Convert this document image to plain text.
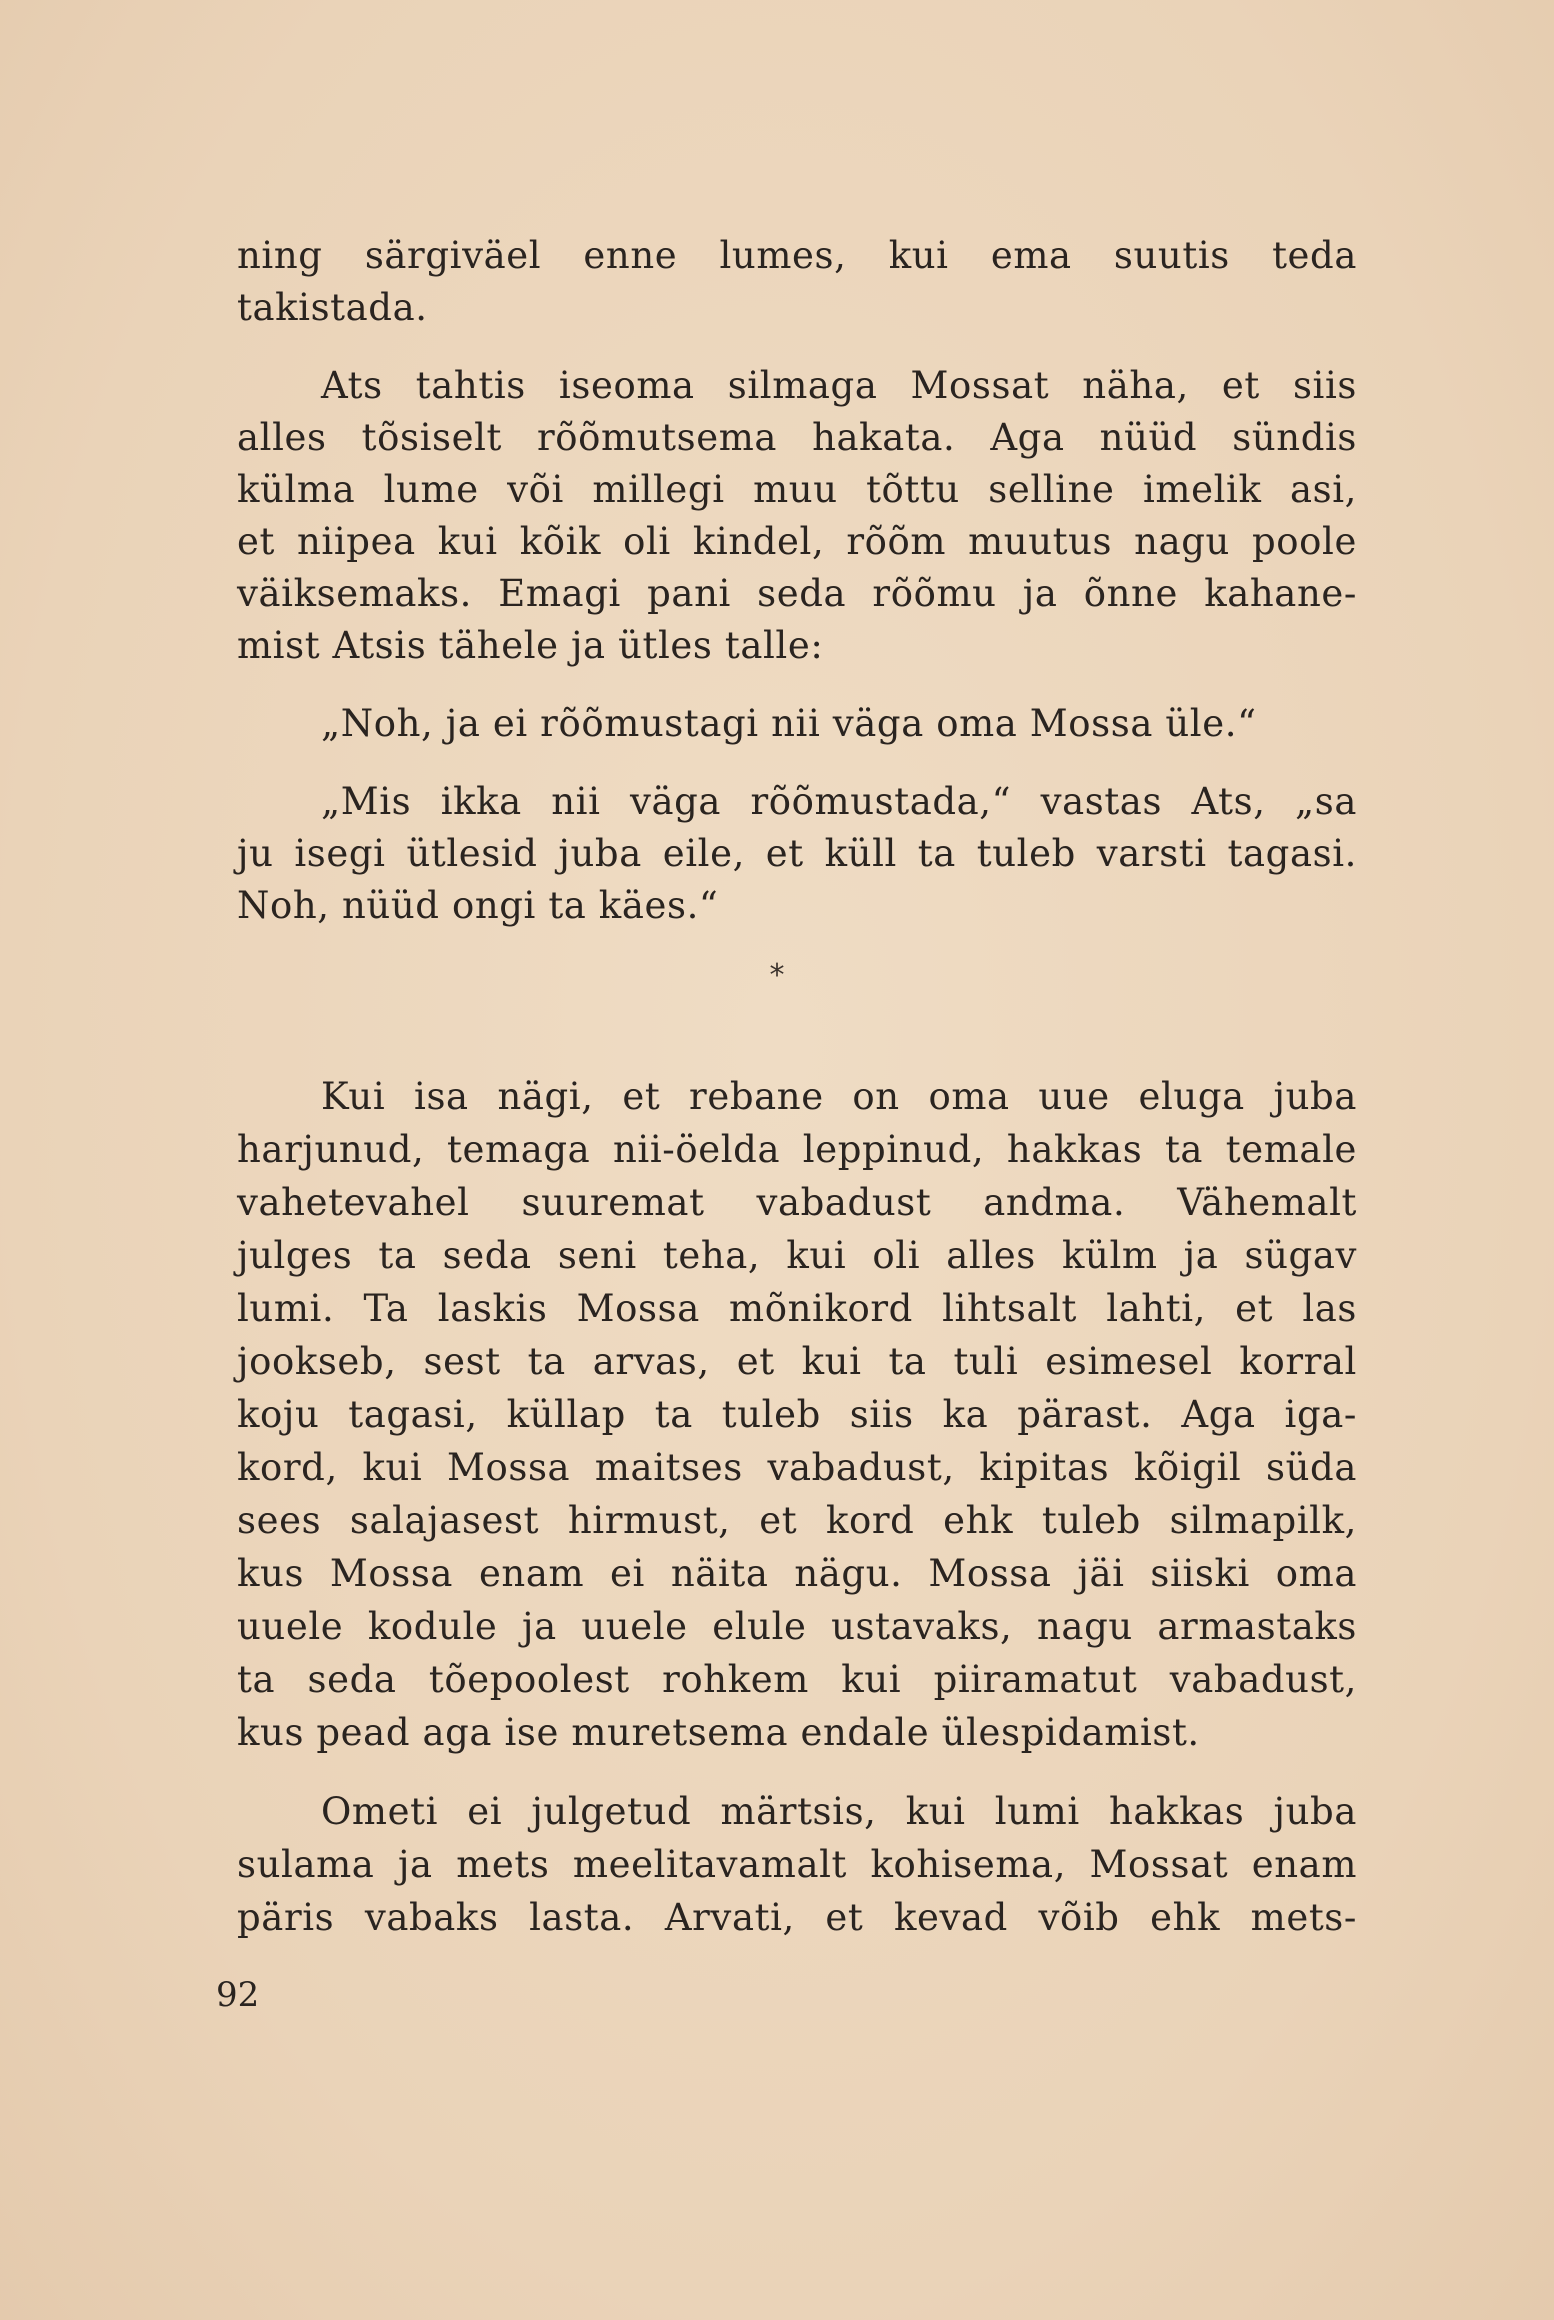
ning särgiväel enne lumes, kui ema suutis teda
takistada.
Ats tahtis iseoma silmaga Mossat näha, et siis
alles tõsiselt rõõmutsema hakata. Aga nüüd sündis
külma lume või millegi muu tõttu selline imelik asi,
et niipea kui kõik oli kindel, rõõm muutus nagu poole
väiksemaks. Emagi pani seda rõõmu ja õnne kahane-
mist Atsis tähele ja ütles talle:
„Noh, ja ei rõõmustagi nii väga oma Mossa üle.“
„Mis ikka nii väga rõõmustada,“ vastas Ats, „sa
ju isegi ütlesid juba eile, et küll ta tuleb varsti tagasi.
Noh, nüüd ongi ta käes.“
*
Kui isa nägi, et rebane on oma uue eluga juba
harjunud, temaga nii-öelda leppinud, hakkas ta temale
vahetevahel suuremat vabadust andma. Vähemalt
julges ta seda seni teha, kui oli alles külm ja sügav
lumi. Ta laskis Mossa mõnikord lihtsalt lahti, et las
jookseb, sest ta arvas, et kui ta tuli esimesel korral
koju tagasi, küllap ta tuleb siis ka pärast. Aga iga-
kord, kui Mossa maitses vabadust, kipitas kõigil süda
sees salajasest hirmust, et kord ehk tuleb silmapilk,
kus Mossa enam ei näita nägu. Mossa jäi siiski oma
uuele kodule ja uuele elule ustavaks, nagu armastaks
ta seda tõepoolest rohkem kui piiramatut vabadust,
kus pead aga ise muretsema endale ülespidamist.
Ometi ei julgetud märtsis, kui lumi hakkas juba
sulama ja mets meelitavamalt kohisema, Mossat enam
päris vabaks lasta. Arvati, et kevad võib ehk mets-
92
